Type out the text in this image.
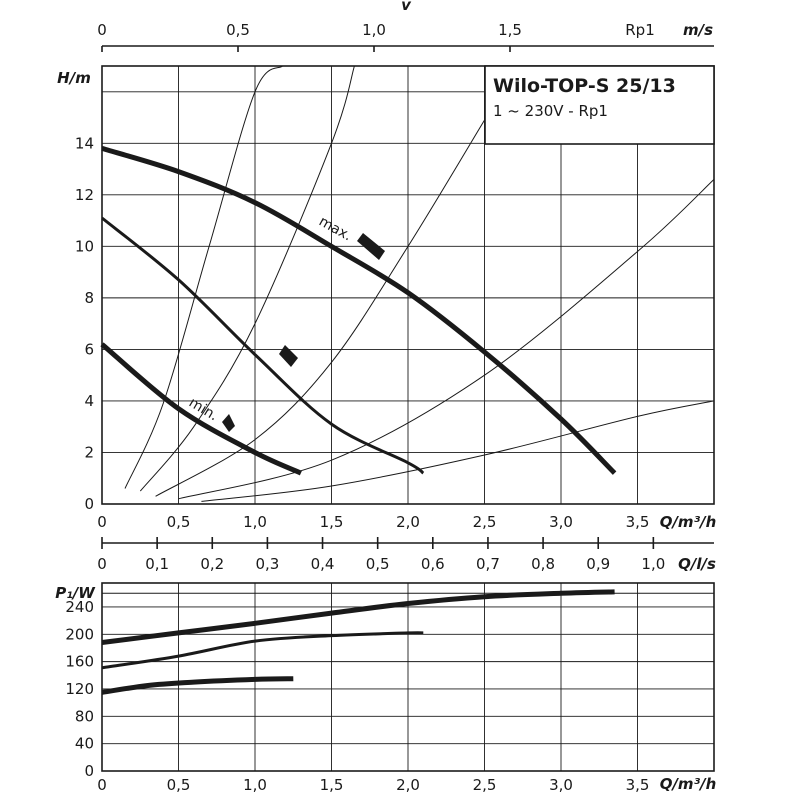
v
0	0,5	1,0	1,5	Rp1 m/s
H/m
0
2
4
6
8
10
12
14
0	0,5	1,0	1,5	2,0	2,5	3,0	3,5
Wilo-TOP-S 25/13
1 ~ 230V - Rp1
max.
min.
Q/m³/h
0	0,1 0,2 0,3 0,4 0,5 0,6 0,7 0,8 0,9 1,0 Q/l/s
P₁/W
0
40
80
120
160
200
240
0	0,5	1,0	1,5	2,0	2,5	3,0	3,5 Q/m³/h
